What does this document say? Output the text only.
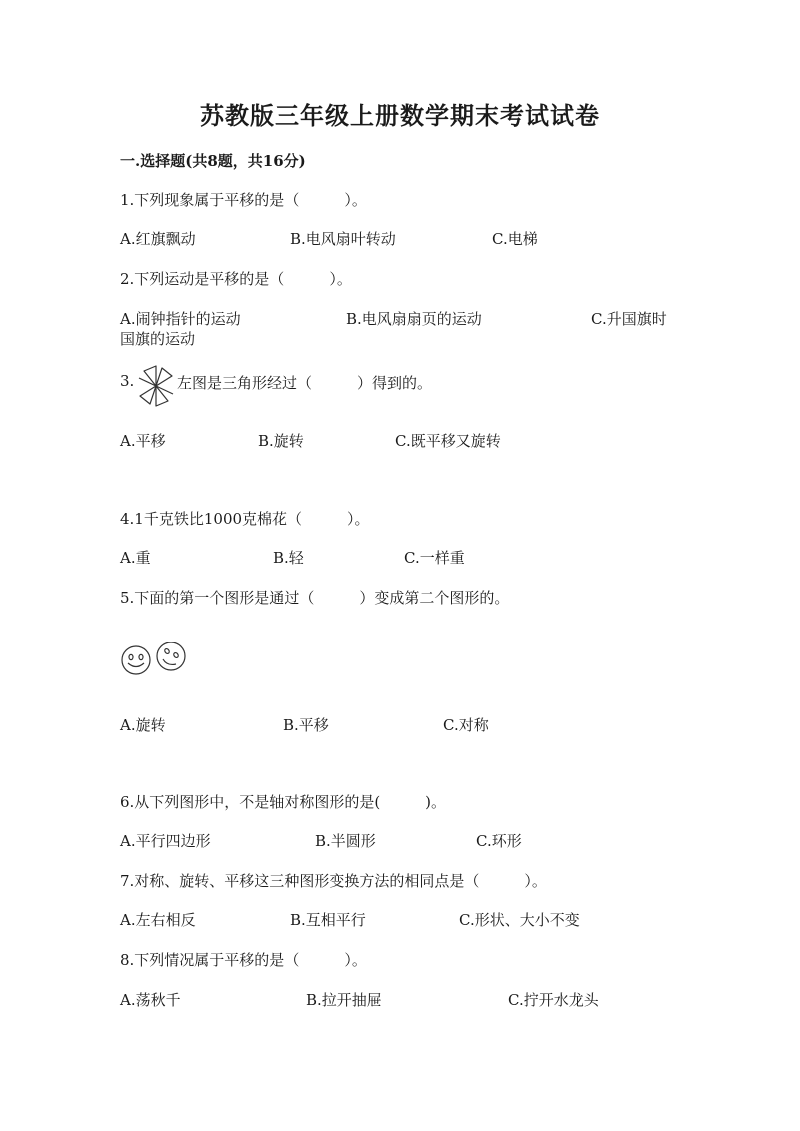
苏教版三年级上册数学期末考试试卷
一.选择题(共8题，共16分)
1.下列现象属于平移的是（　　　）。
A.红旗飘动	B.电风扇叶转动	C.电梯
2.下列运动是平移的是（　　　）。
A.闹钟指针的运动	B.电风扇扇页的运动	C.升国旗时
国旗的运动
3.	左图是三角形经过（　　　）得到的。
A.平移	B.旋转	C.既平移又旋转
4.1千克铁比1000克棉花（　　　）。
A.重	B.轻	C.一样重
5.下面的第一个图形是通过（　　　）变成第二个图形的。
A.旋转	B.平移	C.对称
6.从下列图形中，不是轴对称图形的是(　　　)。
A.平行四边形	B.半圆形	C.环形
7.对称、旋转、平移这三种图形变换方法的相同点是（　　　）。
A.左右相反	B.互相平行	C.形状、大小不变
8.下列情况属于平移的是（　　　）。
A.荡秋千	B.拉开抽屉	C.拧开水龙头
